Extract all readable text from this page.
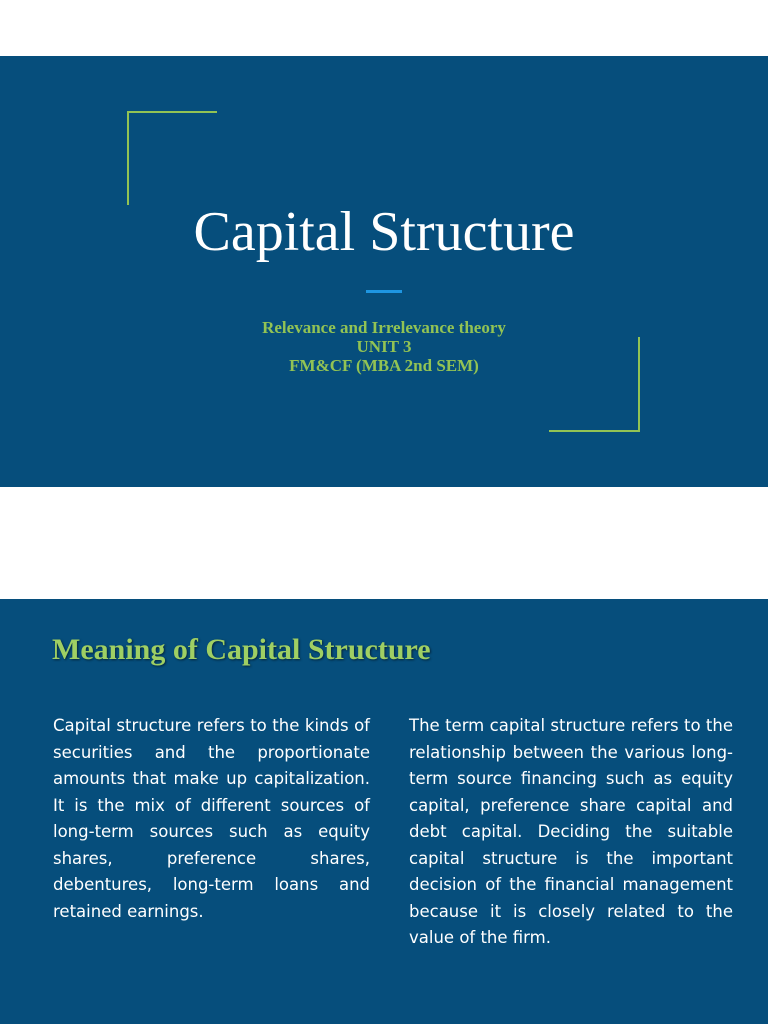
Capital Structure
Relevance and Irrelevance theory
UNIT 3
FM&CF (MBA 2nd SEM)
Meaning of Capital Structure

Capital structure refers to the kinds of securities and the proportionate amounts that make up capitalization. It is the mix of different sources of long-term sources such as equity shares, preference shares, debentures, long-term loans and retained earnings.

The term capital structure refers to the relationship between the various long-term source financing such as equity capital, preference share capital and debt capital. Deciding the suitable capital structure is the important decision of the financial management because it is closely related to the value of the firm.
